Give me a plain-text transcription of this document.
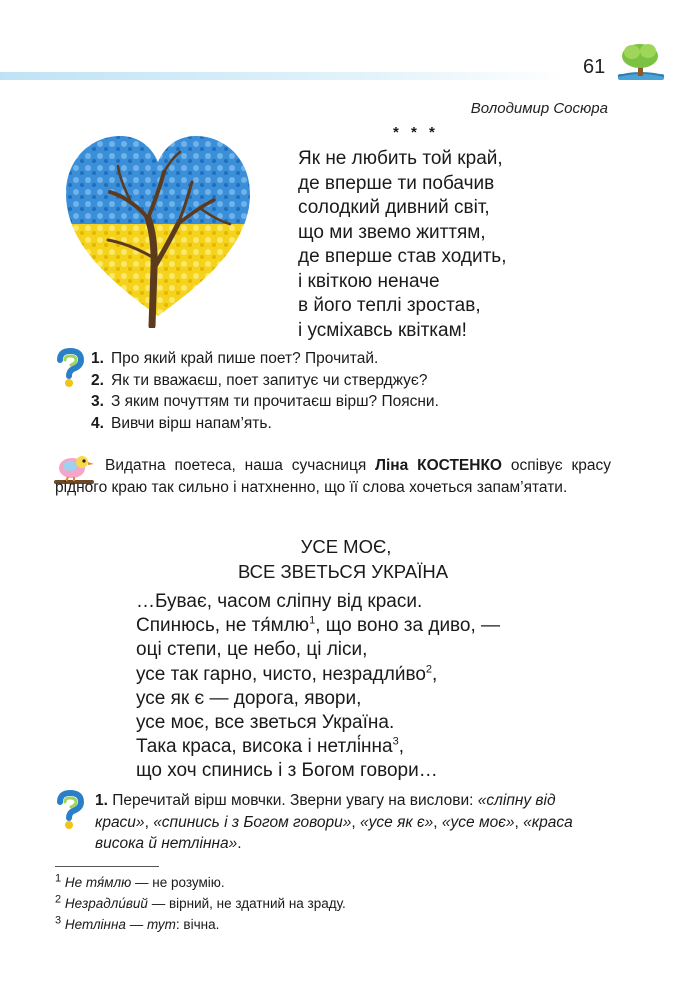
61
Володимир Сосюра
* * *
Як не любить той край,
де вперше ти побачив
солодкий дивний світ,
що ми звемо життям,
де вперше став ходить,
і квіткою неначе
в його теплі зростав,
і усміхавсь квіткам!
1. Про який край пише поет? Прочитай.
2. Як ти вважаєш, поет запитує чи стверджує?
3. З яким почуттям ти прочитаєш вірш? Поясни.
4. Вивчи вірш напам’ять.
Видатна поетеса, наша сучасниця Ліна КОСТЕНКО оспівує красу рідного краю так сильно і натхненно, що її слова хочеться запам’ятати.
УСЕ МОЄ,
ВСЕ ЗВЕТЬСЯ УКРАЇНА
…Буває, часом сліпну від краси.
Спинюсь, не тя́млю$^1$, що воно за диво, —
оці степи, це небо, ці ліси,
усе так гарно, чисто, $незрадли́во^2$,
усе як є — дорога, явори,
усе моє, все зветься Україна.
Така краса, висока і нетлі́нна$^3$,
що хоч спинись і з Богом говори…
1. Перечитай вірш мовчки. Зверни увагу на вислови: «сліпну від краси», «спинись і з Богом говори», «усе як є», «усе моє», «краса висока й нетлінна».
$^1$ Не тя́млю — не розумію.
$^2$ Незрадли́вий — вірний, не здатний на зраду.
$^3$ Нетлінна — тут: вічна.
